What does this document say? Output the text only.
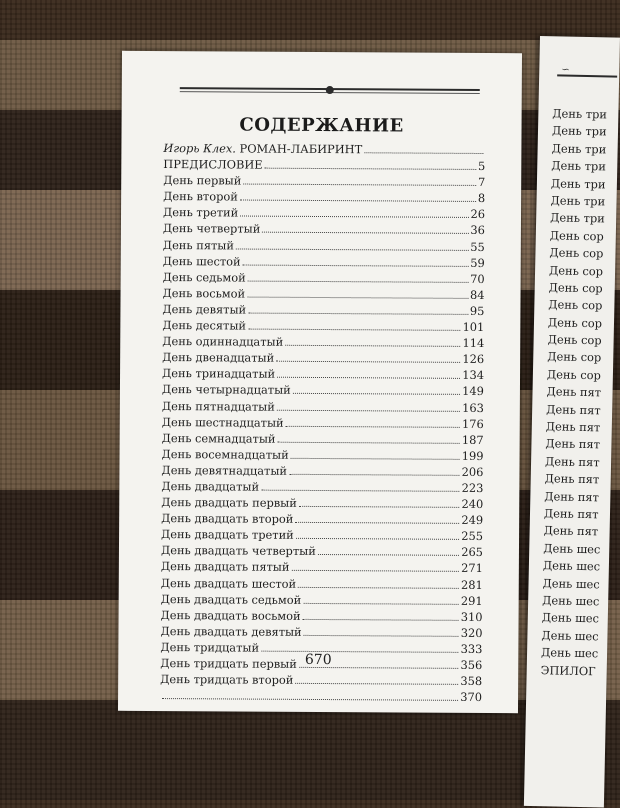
∽
День три
День три
День три
День три
День три
День три
День три
День сор
День сор
День сор
День сор
День сор
День сор
День сор
День сор
День сор
День пят
День пят
День пят
День пят
День пят
День пят
День пят
День пят
День пят
День шес
День шес
День шес
День шес
День шес
День шес
День шес
ЭПИЛОГ
СОДЕРЖАНИЕ
Игорь Клех. РОМАН-ЛАБИРИНТ
ПРЕДИСЛОВИЕ	5
День первый	7
День второй	8
День третий	26
День четвертый	36
День пятый	55
День шестой	59
День седьмой	70
День восьмой	84
День девятый	95
День десятый	101
День одиннадцатый	114
День двенадцатый	126
День тринадцатый	134
День четырнадцатый	149
День пятнадцатый	163
День шестнадцатый	176
День семнадцатый	187
День восемнадцатый	199
День девятнадцатый	206
День двадцатый	223
День двадцать первый	240
День двадцать второй	249
День двадцать третий	255
День двадцать четвертый	265
День двадцать пятый	271
День двадцать шестой	281
День двадцать седьмой	291
День двадцать восьмой	310
День двадцать девятый	320
День тридцатый	333
День тридцать первый	356
День тридцать второй	358
370
670
